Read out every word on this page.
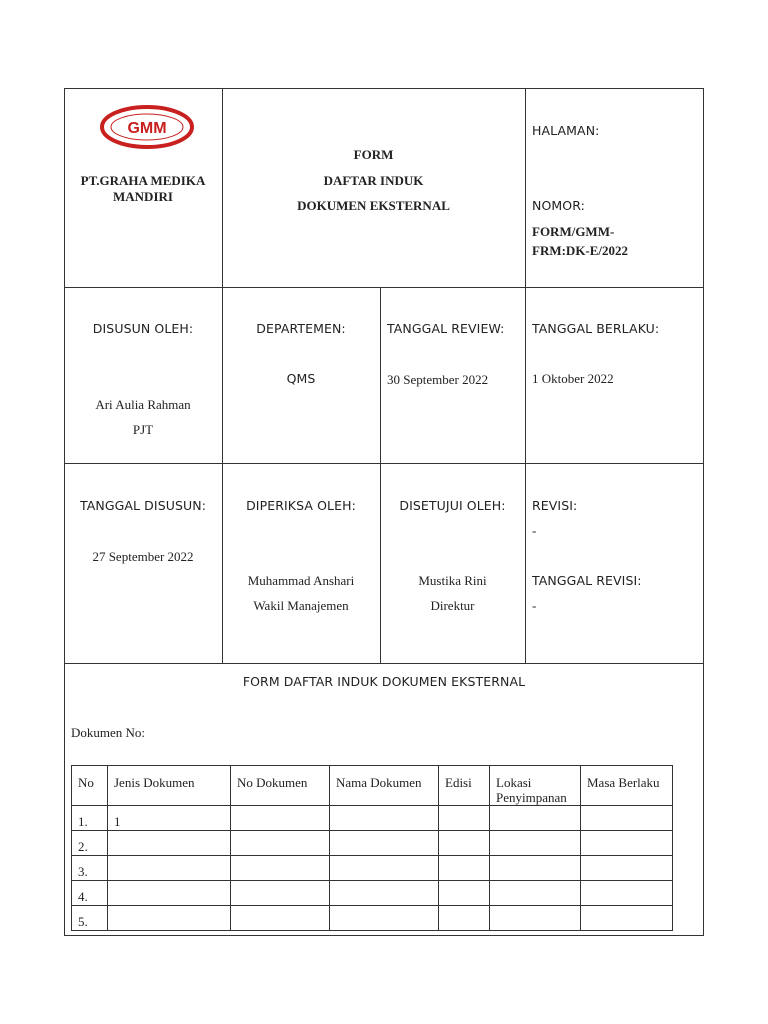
GMM
PT.GRAHA MEDIKA MANDIRI
FORM
DAFTAR INDUK
DOKUMEN EKSTERNAL
HALAMAN:
NOMOR:
FORM/GMM-
FRM:DK-E/2022
DISUSUN OLEH:
Ari Aulia Rahman
PJT
DEPARTEMEN:
QMS
TANGGAL REVIEW:
30 September 2022
TANGGAL BERLAKU:
1 Oktober 2022
TANGGAL DISUSUN:
27 September 2022
DIPERIKSA OLEH:
Muhammad Anshari
Wakil Manajemen
DISETUJUI OLEH:
Mustika Rini
Direktur
REVISI:
-
TANGGAL REVISI:
-
FORM DAFTAR INDUK DOKUMEN EKSTERNAL
Dokumen No:
No	Jenis Dokumen	No Dokumen	Nama Dokumen	Edisi	Lokasi Penyimpanan	Masa Berlaku
1.	1					
2.						
3.						
4.						
5.						
